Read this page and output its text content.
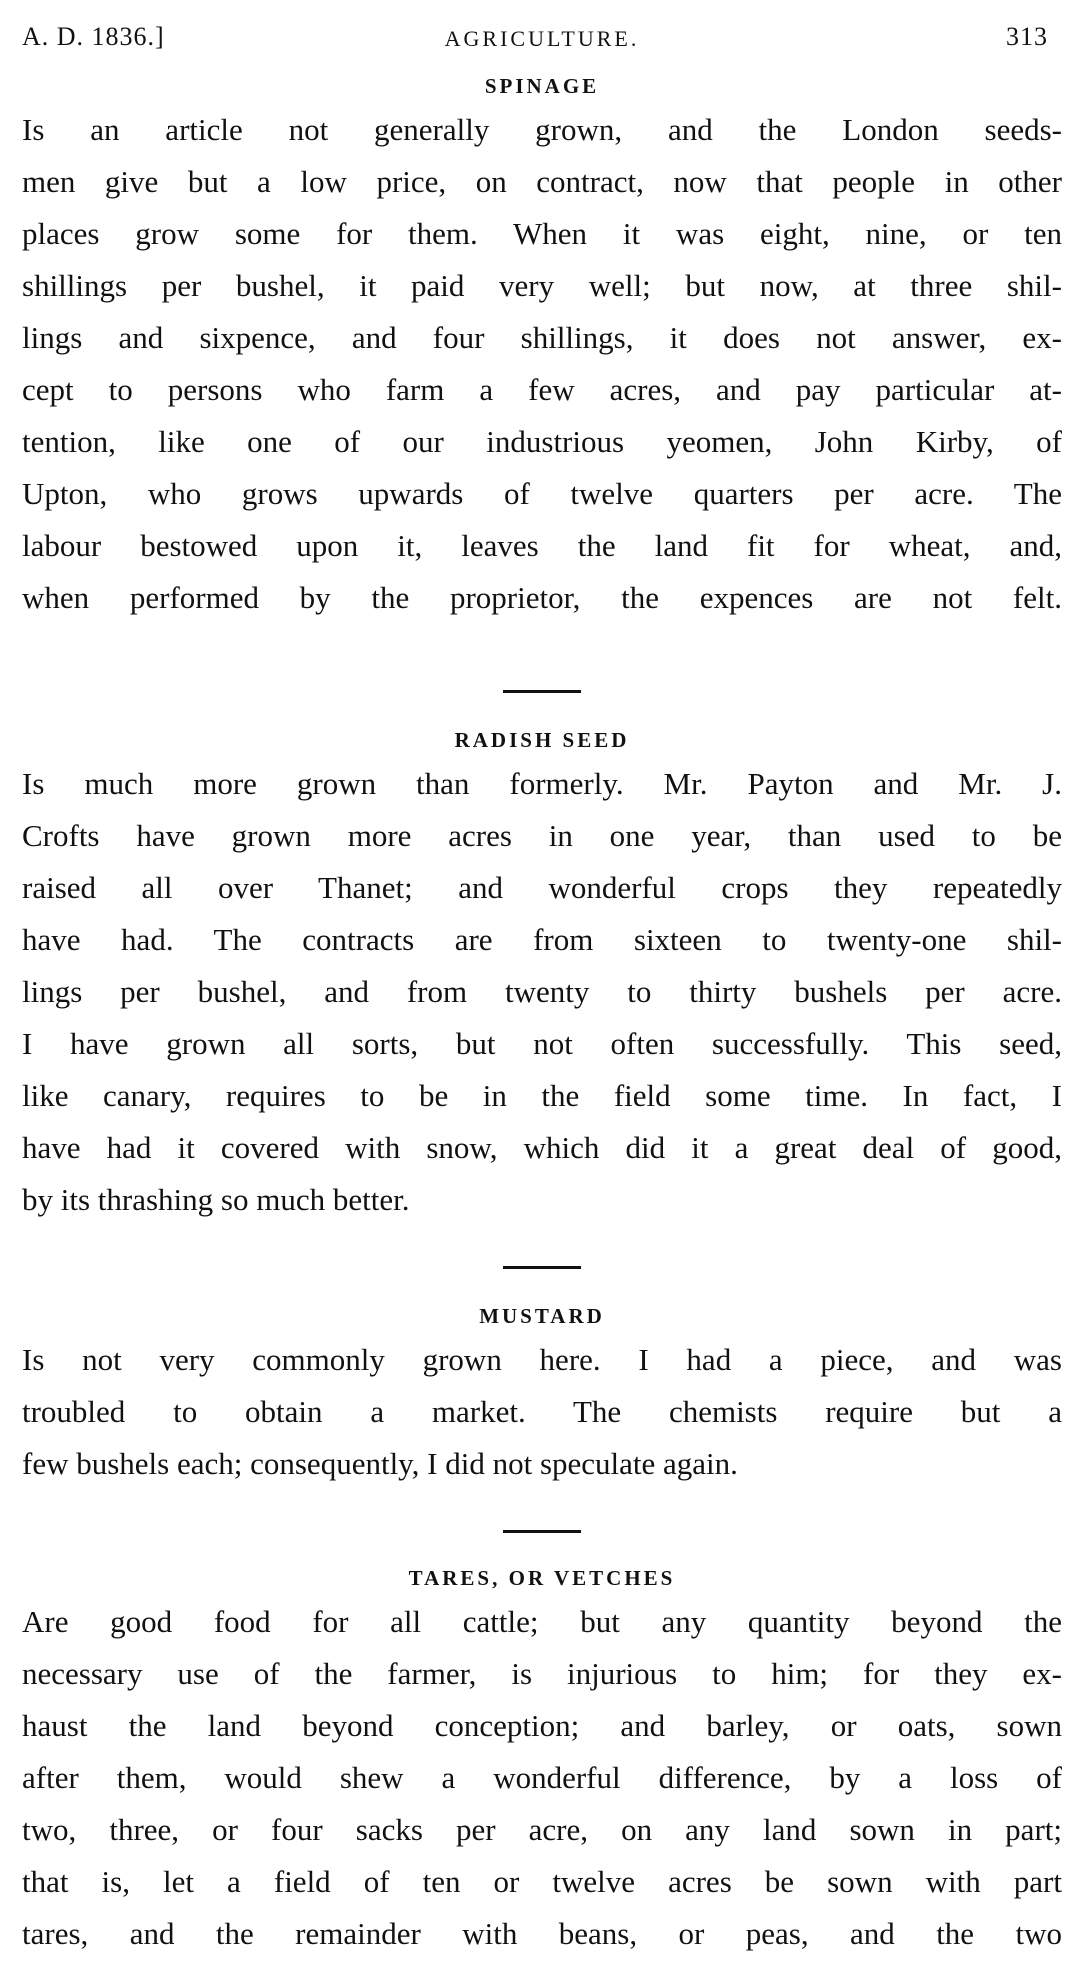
A. D. 1836.]	AGRICULTURE.	313
SPINAGE
Is an article not generally grown, and the London seeds-
men give but a low price, on contract, now that people in other
places grow some for them. When it was eight, nine, or ten
shillings per bushel, it paid very well; but now, at three shil-
lings and sixpence, and four shillings, it does not answer, ex-
cept to persons who farm a few acres, and pay particular at-
tention, like one of our industrious yeomen, John Kirby, of
Upton, who grows upwards of twelve quarters per acre. The
labour bestowed upon it, leaves the land fit for wheat, and,
when performed by the proprietor, the expences are not felt.
RADISH SEED
Is much more grown than formerly. Mr. Payton and Mr. J.
Crofts have grown more acres in one year, than used to be
raised all over Thanet; and wonderful crops they repeatedly
have had. The contracts are from sixteen to twenty-one shil-
lings per bushel, and from twenty to thirty bushels per acre.
I have grown all sorts, but not often successfully. This seed,
like canary, requires to be in the field some time. In fact, I
have had it covered with snow, which did it a great deal of good,
by its thrashing so much better.
MUSTARD
Is not very commonly grown here. I had a piece, and was
troubled to obtain a market. The chemists require but a
few bushels each; consequently, I did not speculate again.
TARES, OR VETCHES
Are good food for all cattle; but any quantity beyond the
necessary use of the farmer, is injurious to him; for they ex-
haust the land beyond conception; and barley, or oats, sown
after them, would shew a wonderful difference, by a loss of
two, three, or four sacks per acre, on any land sown in part;
that is, let a field of ten or twelve acres be sown with part
tares, and the remainder with beans, or peas, and the two
